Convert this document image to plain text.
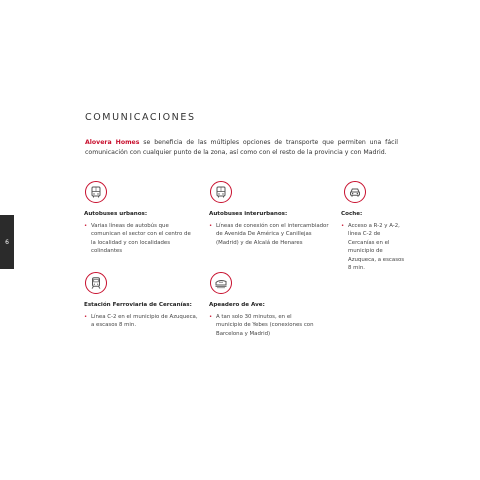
6
COMUNICACIONES
Alovera Homes se beneficia de las múltiples opciones de transporte que permiten una fácil comunicación con cualquier punto de la zona, así como con el resto de la provincia y con Madrid.
Autobuses urbanos:
• Varias líneas de autobús que comunican el sector con el centro de la localidad y con localidades colindantes
Autobuses interurbanos:
• Líneas de conexión con el intercambiador de Avenida De América y Canillejas (Madrid) y de Alcalá de Henares
Coche:
• Acceso a R-2 y A-2, línea C-2 de Cercanías en el municipio de Azuqueca, a escasos 8 min.
Estación Ferroviaria de Cercanías:
• Línea C-2 en el municipio de Azuqueca, a escasos 8 min.
Apeadero de Ave:
• A tan solo 30 minutos, en el municipio de Yebes (conexiones con Barcelona y Madrid)
